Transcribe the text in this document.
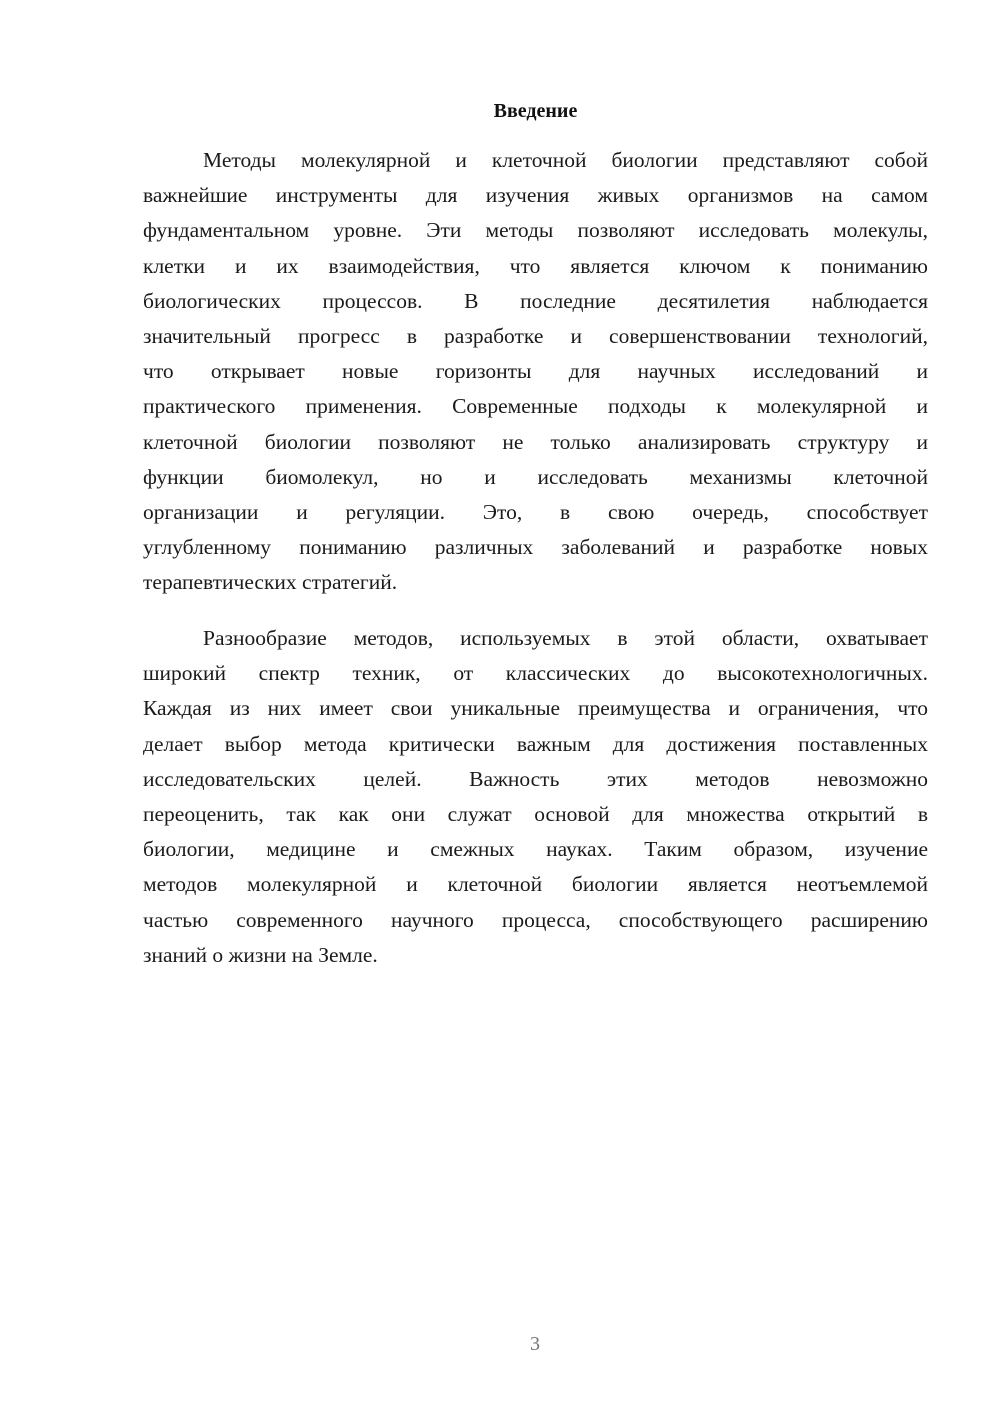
Введение
Методы молекулярной и клеточной биологии представляют собой
важнейшие инструменты для изучения живых организмов на самом
фундаментальном уровне. Эти методы позволяют исследовать молекулы,
клетки и их взаимодействия, что является ключом к пониманию
биологических процессов. В последние десятилетия наблюдается
значительный прогресс в разработке и совершенствовании технологий,
что открывает новые горизонты для научных исследований и
практического применения. Современные подходы к молекулярной и
клеточной биологии позволяют не только анализировать структуру и
функции биомолекул, но и исследовать механизмы клеточной
организации и регуляции. Это, в свою очередь, способствует
углубленному пониманию различных заболеваний и разработке новых
терапевтических стратегий.
Разнообразие методов, используемых в этой области, охватывает
широкий спектр техник, от классических до высокотехнологичных.
Каждая из них имеет свои уникальные преимущества и ограничения, что
делает выбор метода критически важным для достижения поставленных
исследовательских целей. Важность этих методов невозможно
переоценить, так как они служат основой для множества открытий в
биологии, медицине и смежных науках. Таким образом, изучение
методов молекулярной и клеточной биологии является неотъемлемой
частью современного научного процесса, способствующего расширению
знаний о жизни на Земле.
3
